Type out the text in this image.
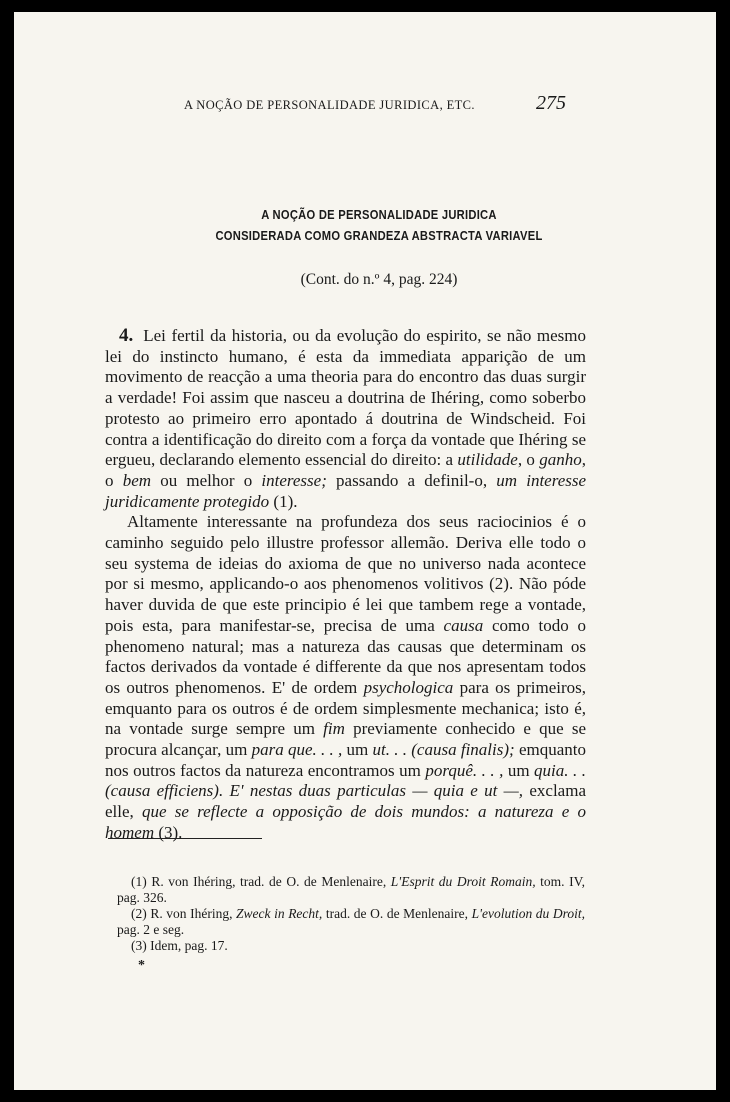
A NOÇÃO DE PERSONALIDADE JURIDICA, ETC.	275
A NOÇÃO DE PERSONALIDADE JURIDICA
CONSIDERADA COMO GRANDEZA ABSTRACTA VARIAVEL
(Cont. do n.º 4, pag. 224)

4. Lei fertil da historia, ou da evolução do espirito, se não mesmo lei do instincto humano, é esta da immediata apparição de um movimento de reacção a uma theoria para do encontro das duas surgir a verdade! Foi assim que nasceu a doutrina de Ihéring, como soberbo protesto ao primeiro erro apontado á doutrina de Windscheid. Foi contra a identificação do direito com a força da vontade que Ihéring se ergueu, declarando elemento essencial do direito: a utilidade, o ganho, o bem ou melhor o interesse; passando a definil-o, um interesse juridicamente protegido (1).

Altamente interessante na profundeza dos seus raciocinios é o caminho seguido pelo illustre professor allemão. Deriva elle todo o seu systema de ideias do axioma de que no universo nada acontece por si mesmo, applicando-o aos phenomenos volitivos (2). Não póde haver duvida de que este principio é lei que tambem rege a vontade, pois esta, para manifestar-se, precisa de uma causa como todo o phenomeno natural; mas a natureza das causas que determinam os factos derivados da vontade é differente da que nos apresentam todos os outros phenomenos. E' de ordem psychologica para os primeiros, emquanto para os outros é de ordem simplesmente mechanica; isto é, na vontade surge sempre um fim previamente conhecido e que se procura alcançar, um para que. . . , um ut. . . (causa finalis); emquanto nos outros factos da natureza encontramos um porquê. . . , um quia. . . (causa efficiens). E' nestas duas particulas — quia e ut —, exclama elle, que se reflecte a opposição de dois mundos: a natureza e o homem (3).

(1) R. von Ihéring, trad. de O. de Menlenaire, L'Esprit du Droit Romain, tom. IV, pag. 326.

(2) R. von Ihéring, Zweck in Recht, trad. de O. de Menlenaire, L'evolution du Droit, pag. 2 e seg.

(3) Idem, pag. 17.

*
